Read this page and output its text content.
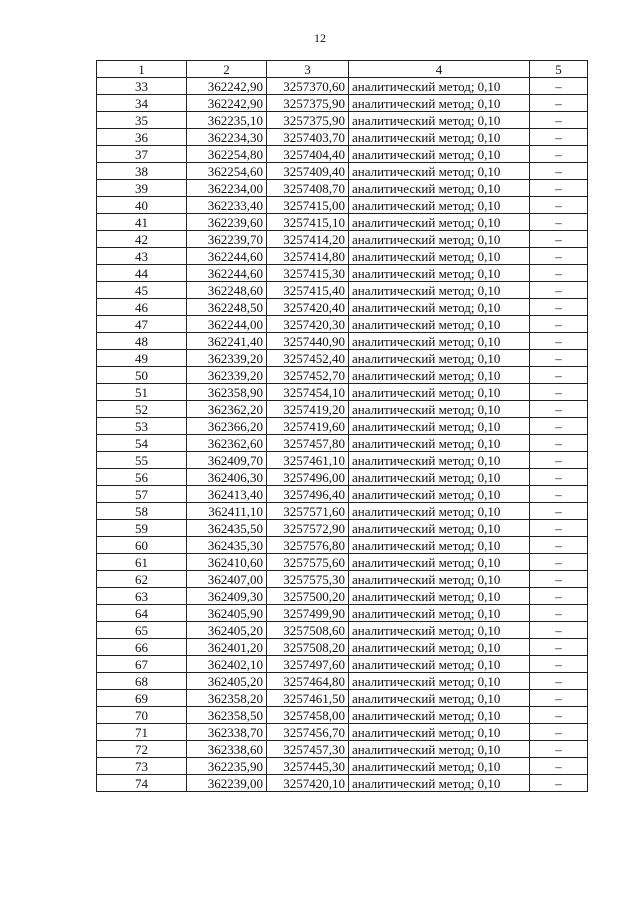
12
1	2	3	4	5
33	362242,90	3257370,60	аналитический метод; 0,10	–
34	362242,90	3257375,90	аналитический метод; 0,10	–
35	362235,10	3257375,90	аналитический метод; 0,10	–
36	362234,30	3257403,70	аналитический метод; 0,10	–
37	362254,80	3257404,40	аналитический метод; 0,10	–
38	362254,60	3257409,40	аналитический метод; 0,10	–
39	362234,00	3257408,70	аналитический метод; 0,10	–
40	362233,40	3257415,00	аналитический метод; 0,10	–
41	362239,60	3257415,10	аналитический метод; 0,10	–
42	362239,70	3257414,20	аналитический метод; 0,10	–
43	362244,60	3257414,80	аналитический метод; 0,10	–
44	362244,60	3257415,30	аналитический метод; 0,10	–
45	362248,60	3257415,40	аналитический метод; 0,10	–
46	362248,50	3257420,40	аналитический метод; 0,10	–
47	362244,00	3257420,30	аналитический метод; 0,10	–
48	362241,40	3257440,90	аналитический метод; 0,10	–
49	362339,20	3257452,40	аналитический метод; 0,10	–
50	362339,20	3257452,70	аналитический метод; 0,10	–
51	362358,90	3257454,10	аналитический метод; 0,10	–
52	362362,20	3257419,20	аналитический метод; 0,10	–
53	362366,20	3257419,60	аналитический метод; 0,10	–
54	362362,60	3257457,80	аналитический метод; 0,10	–
55	362409,70	3257461,10	аналитический метод; 0,10	–
56	362406,30	3257496,00	аналитический метод; 0,10	–
57	362413,40	3257496,40	аналитический метод; 0,10	–
58	362411,10	3257571,60	аналитический метод; 0,10	–
59	362435,50	3257572,90	аналитический метод; 0,10	–
60	362435,30	3257576,80	аналитический метод; 0,10	–
61	362410,60	3257575,60	аналитический метод; 0,10	–
62	362407,00	3257575,30	аналитический метод; 0,10	–
63	362409,30	3257500,20	аналитический метод; 0,10	–
64	362405,90	3257499,90	аналитический метод; 0,10	–
65	362405,20	3257508,60	аналитический метод; 0,10	–
66	362401,20	3257508,20	аналитический метод; 0,10	–
67	362402,10	3257497,60	аналитический метод; 0,10	–
68	362405,20	3257464,80	аналитический метод; 0,10	–
69	362358,20	3257461,50	аналитический метод; 0,10	–
70	362358,50	3257458,00	аналитический метод; 0,10	–
71	362338,70	3257456,70	аналитический метод; 0,10	–
72	362338,60	3257457,30	аналитический метод; 0,10	–
73	362235,90	3257445,30	аналитический метод; 0,10	–
74	362239,00	3257420,10	аналитический метод; 0,10	–
